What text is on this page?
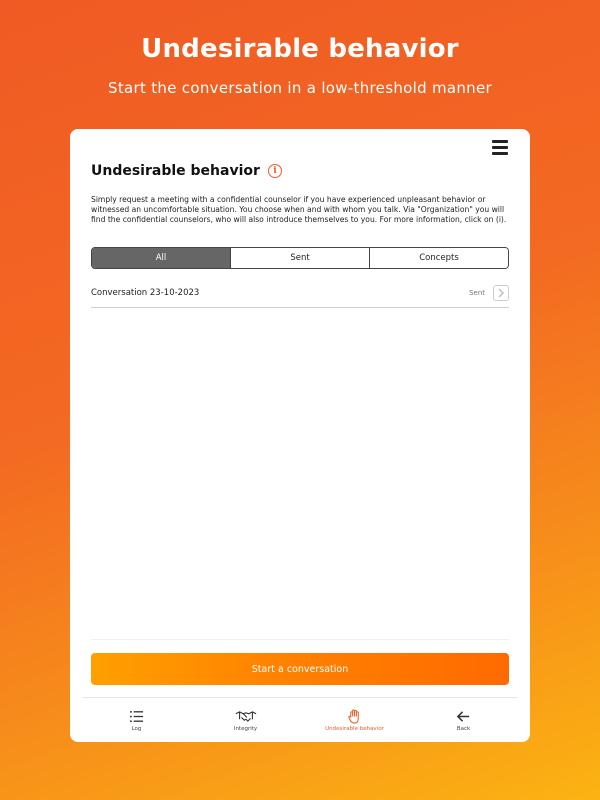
Undesirable behavior
Start the conversation in a low-threshold manner
Undesirable behavior	i
Simply request a meeting with a confidential counselor if you have experienced unpleasant behavior or witnessed an uncomfortable situation. You choose when and with whom you talk. Via "Organization" you will find the confidential counselors, who will also introduce themselves to you. For more information, click on (i).
All	Sent	Concepts
Conversation 23-10-2023	Sent
Start a conversation
Log	Integrity	Undesirable behavior	Back
